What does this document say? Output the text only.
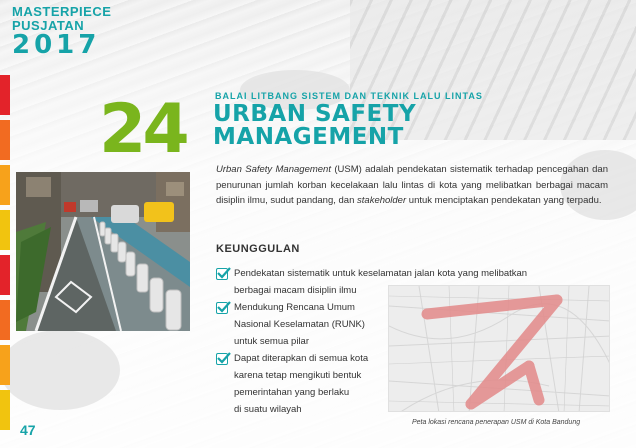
MASTERPIECE
PUSJATAN
2017
24	BALAI LITBANG SISTEM DAN TEKNIK LALU LINTAS
URBAN SAFETY
MANAGEMENT
Urban Safety Management (USM) adalah pendekatan sistematik terhadap pencegahan dan penurunan jumlah korban kecelakaan lalu lintas di kota yang melibatkan berbagai macam disiplin ilmu, sudut pandang, dan stakeholder untuk menciptakan pendekatan yang terpadu.
KEUNGGULAN
Pendekatan sistematik untuk keselamatan jalan kota yang melibatkan
berbagai macam disiplin ilmu
Mendukung Rencana Umum
Nasional Keselamatan (RUNK)
untuk semua pilar
Dapat diterapkan di semua kota
karena tetap mengikuti bentuk
pemerintahan yang berlaku
di suatu wilayah
Peta lokasi rencana penerapan USM di Kota Bandung
47
